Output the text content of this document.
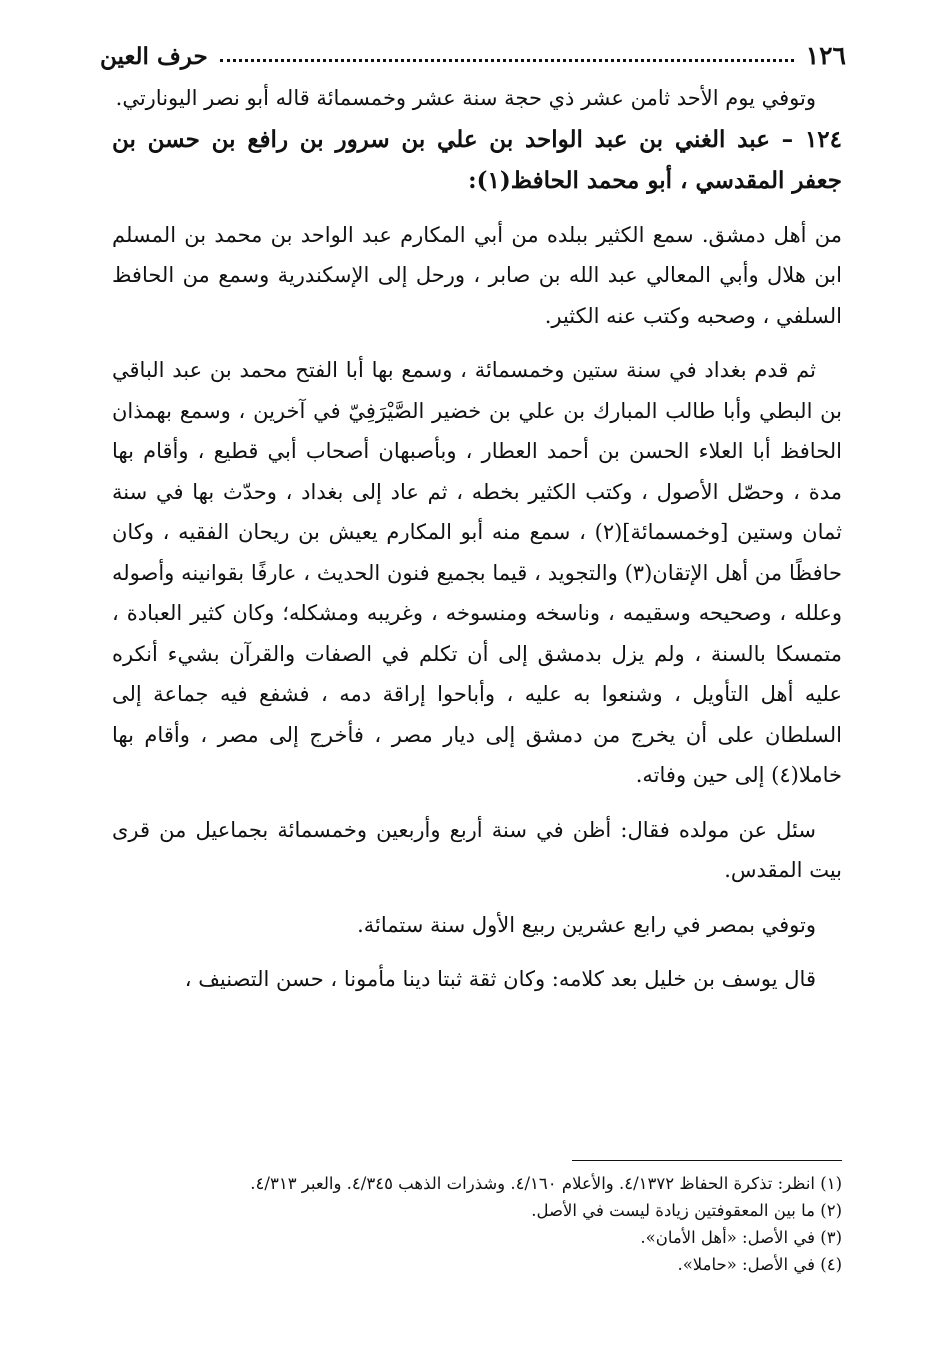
١٢٦
حرف العين

وتوفي يوم الأحد ثامن عشر ذي حجة سنة عشر وخمسمائة قاله أبو نصر اليونارتي.

١٢٤ – عبد الغني بن عبد الواحد بن علي بن سرور بن رافع بن حسن بن جعفر المقدسي ، أبو محمد الحافظ(١):

من أهل دمشق. سمع الكثير ببلده من أبي المكارم عبد الواحد بن محمد بن المسلم ابن هلال وأبي المعالي عبد الله بن صابر ، ورحل إلى الإسكندرية وسمع من الحافظ السلفي ، وصحبه وكتب عنه الكثير.

ثم قدم بغداد في سنة ستين وخمسمائة ، وسمع بها أبا الفتح محمد بن عبد الباقي بن البطي وأبا طالب المبارك بن علي بن خضير الصَّيْرَفِيّ في آخرين ، وسمع بهمذان الحافظ أبا العلاء الحسن بن أحمد العطار ، وبأصبهان أصحاب أبي قطيع ، وأقام بها مدة ، وحصّل الأصول ، وكتب الكثير بخطه ، ثم عاد إلى بغداد ، وحدّث بها في سنة ثمان وستين [وخمسمائة](٢) ، سمع منه أبو المكارم يعيش بن ريحان الفقيه ، وكان حافظًا من أهل الإتقان(٣) والتجويد ، قيما بجميع فنون الحديث ، عارفًا بقوانينه وأصوله وعلله ، وصحيحه وسقيمه ، وناسخه ومنسوخه ، وغريبه ومشكله؛ وكان كثير العبادة ، متمسكا بالسنة ، ولم يزل بدمشق إلى أن تكلم في الصفات والقرآن بشيء أنكره عليه أهل التأويل ، وشنعوا به عليه ، وأباحوا إراقة دمه ، فشفع فيه جماعة إلى السلطان على أن يخرج من دمشق إلى ديار مصر ، فأخرج إلى مصر ، وأقام بها خاملا(٤) إلى حين وفاته.

سئل عن مولده فقال: أظن في سنة أربع وأربعين وخمسمائة بجماعيل من قرى بيت المقدس.

وتوفي بمصر في رابع عشرين ربيع الأول سنة ستمائة.

قال يوسف بن خليل بعد كلامه: وكان ثقة ثبتا دينا مأمونا ، حسن التصنيف ،

(١) انظر: تذكرة الحفاظ ٤/١٣٧٢. والأعلام ٤/١٦٠. وشذرات الذهب ٤/٣٤٥. والعبر ٤/٣١٣.

(٢) ما بين المعقوفتين زيادة ليست في الأصل.

(٣) في الأصل: «أهل الأمان».

(٤) في الأصل: «حاملا».
